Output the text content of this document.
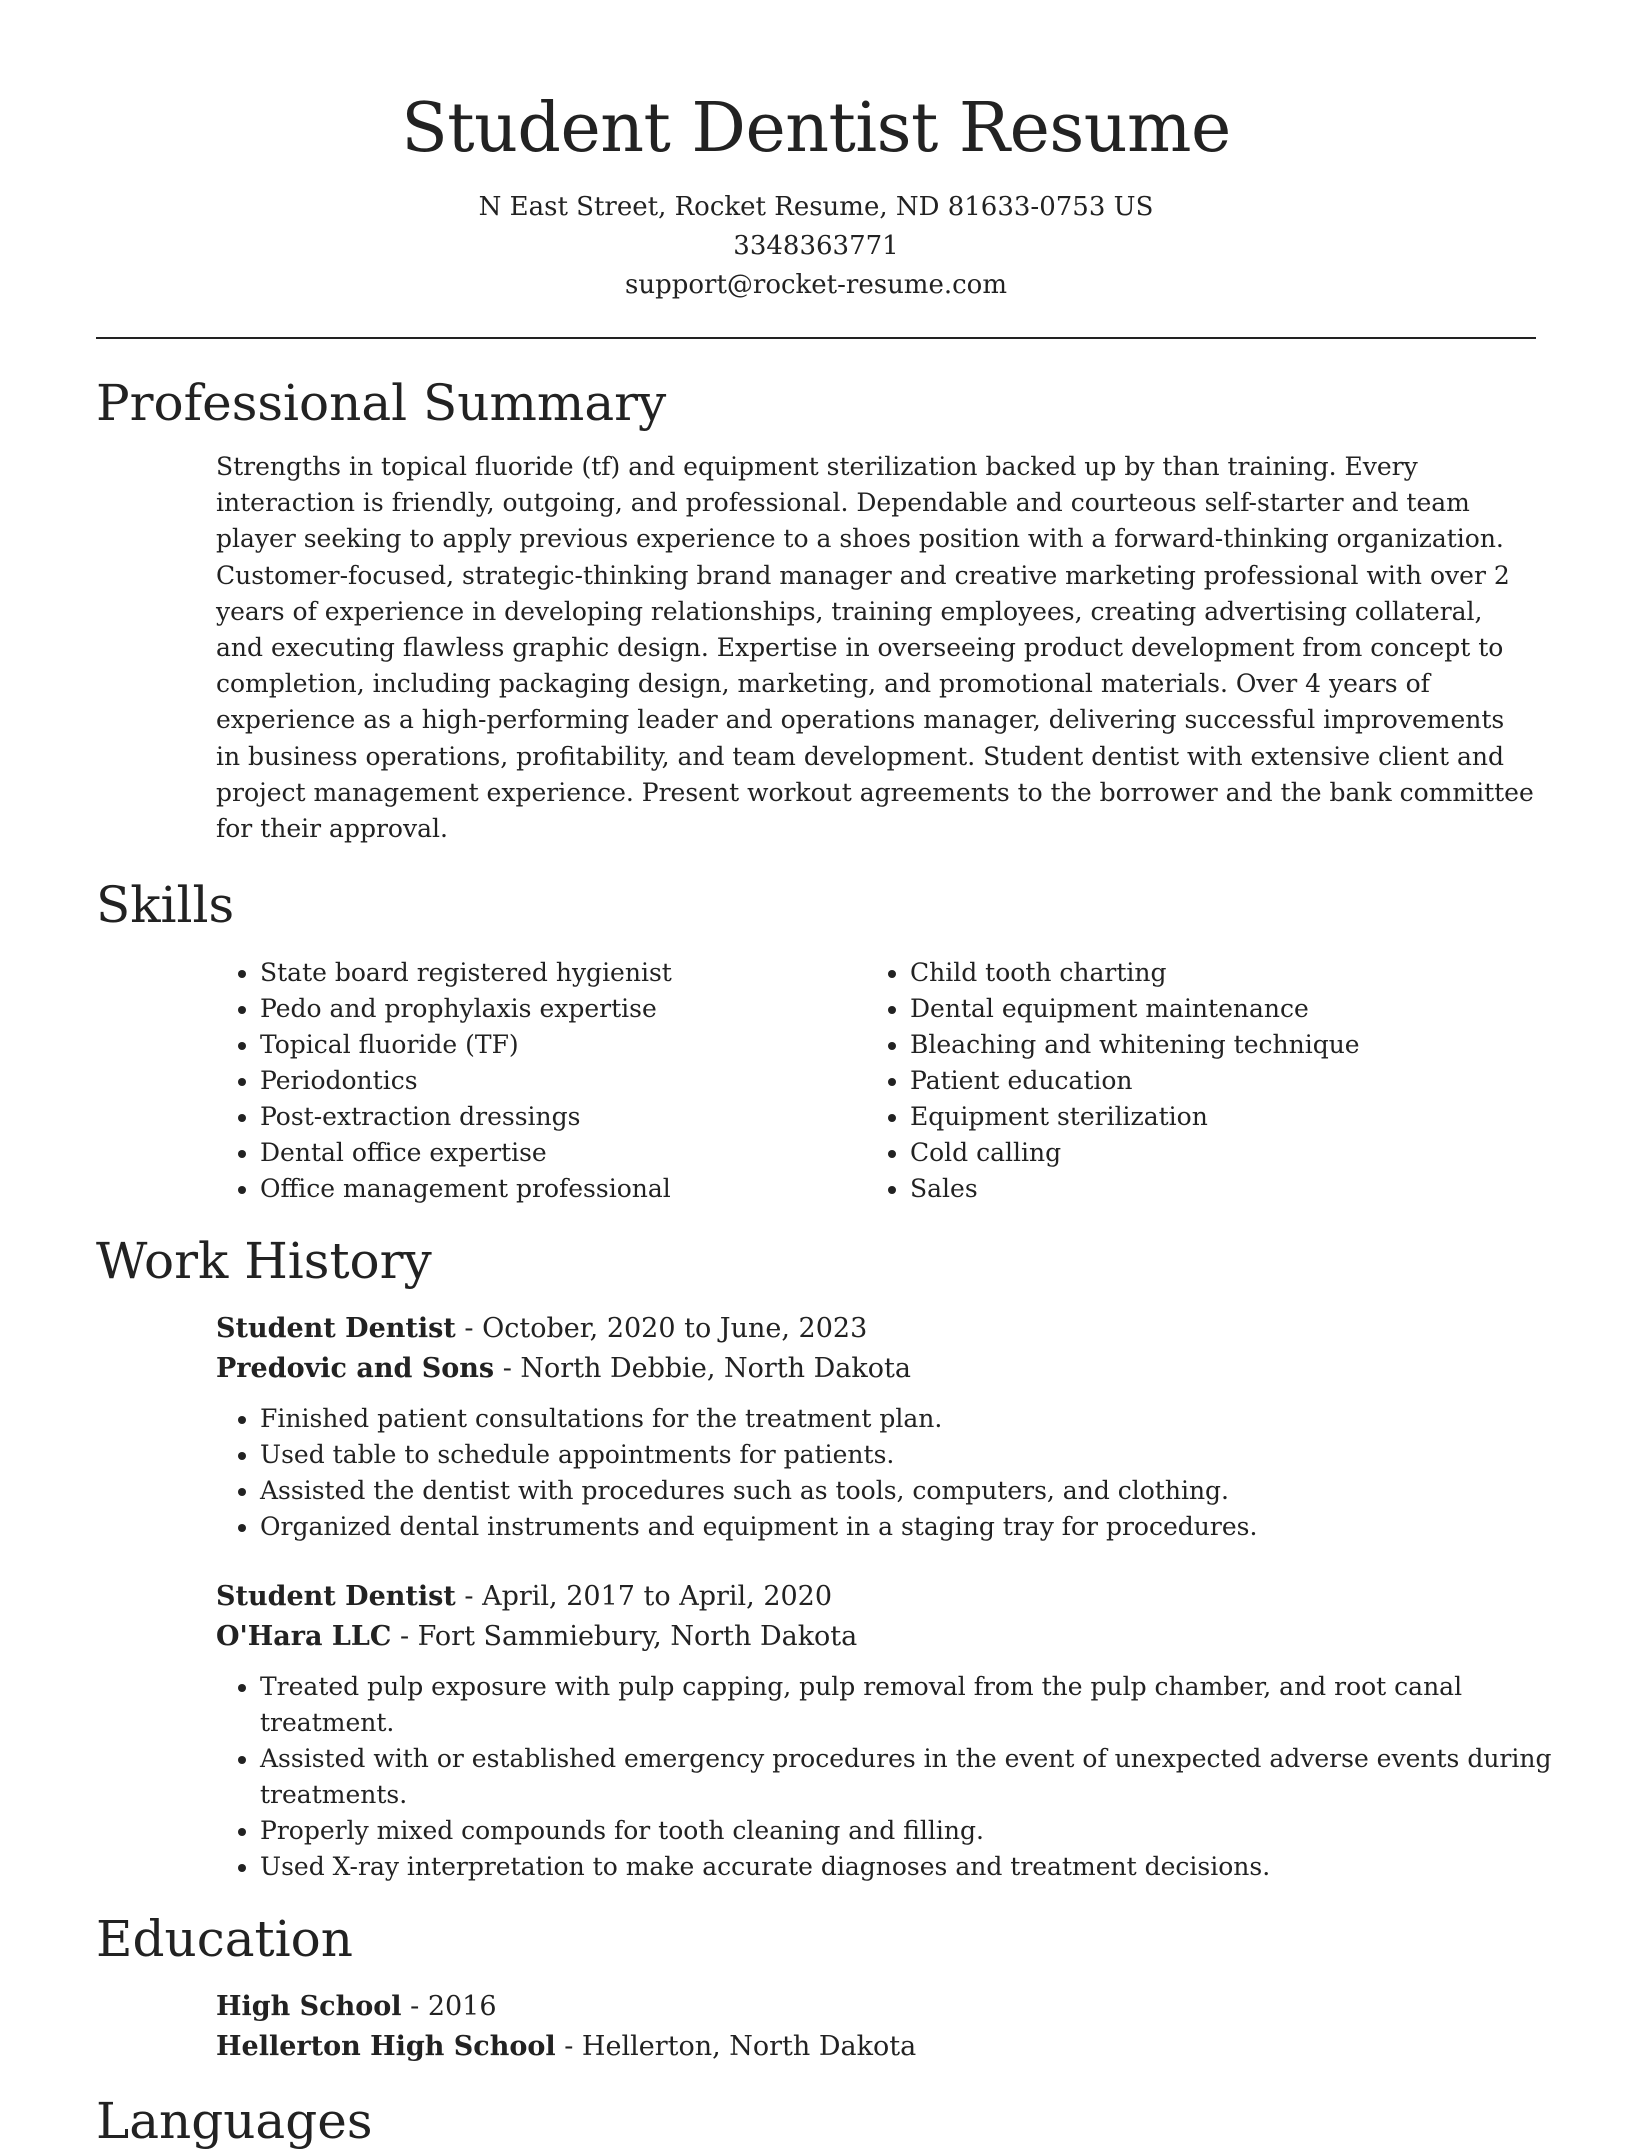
Student Dentist Resume
N East Street, Rocket Resume, ND 81633-0753 US
3348363771
support@rocket-resume.com
Professional Summary

Strengths in topical fluoride (tf) and equipment sterilization backed up by than training. Every interaction is friendly, outgoing, and professional. Dependable and courteous self-starter and team player seeking to apply previous experience to a shoes position with a forward-thinking organization. Customer-focused, strategic-thinking brand manager and creative marketing professional with over 2 years of experience in developing relationships, training employees, creating advertising collateral, and executing flawless graphic design. Expertise in overseeing product development from concept to completion, including packaging design, marketing, and promotional materials. Over 4 years of experience as a high-performing leader and operations manager, delivering successful improvements in business operations, profitability, and team development. Student dentist with extensive client and project management experience. Present workout agreements to the borrower and the bank committee for their approval.

Skills
• State board registered hygienist
• Pedo and prophylaxis expertise
• Topical fluoride (TF)
• Periodontics
• Post-extraction dressings
• Dental office expertise
• Office management professional
• Child tooth charting
• Dental equipment maintenance
• Bleaching and whitening technique
• Patient education
• Equipment sterilization
• Cold calling
• Sales
Work History
Student Dentist - October, 2020 to June, 2023
Predovic and Sons - North Debbie, North Dakota
• Finished patient consultations for the treatment plan.
• Used table to schedule appointments for patients.
• Assisted the dentist with procedures such as tools, computers, and clothing.
• Organized dental instruments and equipment in a staging tray for procedures.
Student Dentist - April, 2017 to April, 2020
O'Hara LLC - Fort Sammiebury, North Dakota
• Treated pulp exposure with pulp capping, pulp removal from the pulp chamber, and root canal treatment.
• Assisted with or established emergency procedures in the event of unexpected adverse events during treatments.
• Properly mixed compounds for tooth cleaning and filling.
• Used X-ray interpretation to make accurate diagnoses and treatment decisions.
Education
High School - 2016
Hellerton High School - Hellerton, North Dakota
Languages
